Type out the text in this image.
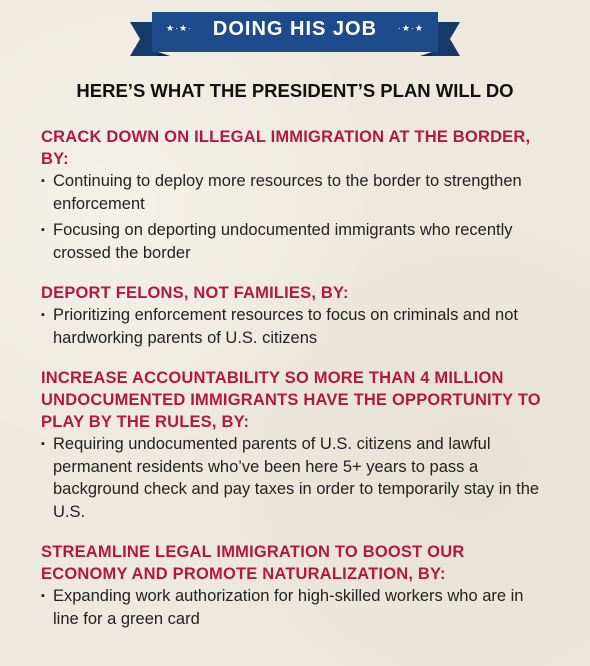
★·★·	DOING HIS JOB	·★·★
HERE’S WHAT THE PRESIDENT’S PLAN WILL DO
CRACK DOWN ON ILLEGAL IMMIGRATION AT THE BORDER, BY:
▪ Continuing to deploy more resources to the border to strengthen enforcement
▪ Focusing on deporting undocumented immigrants who recently crossed the border
DEPORT FELONS, NOT FAMILIES, BY:
▪ Prioritizing enforcement resources to focus on criminals and not hardworking parents of U.S. citizens
INCREASE ACCOUNTABILITY SO MORE THAN 4 MILLION UNDOCUMENTED IMMIGRANTS HAVE THE OPPORTUNITY TO PLAY BY THE RULES, BY:
▪ Requiring undocumented parents of U.S. citizens and lawful permanent residents who’ve been here 5+ years to pass a background check and pay taxes in order to temporarily stay in the U.S.
STREAMLINE LEGAL IMMIGRATION TO BOOST OUR ECONOMY AND PROMOTE NATURALIZATION, BY:
▪ Expanding work authorization for high-skilled workers who are in line for a green card
